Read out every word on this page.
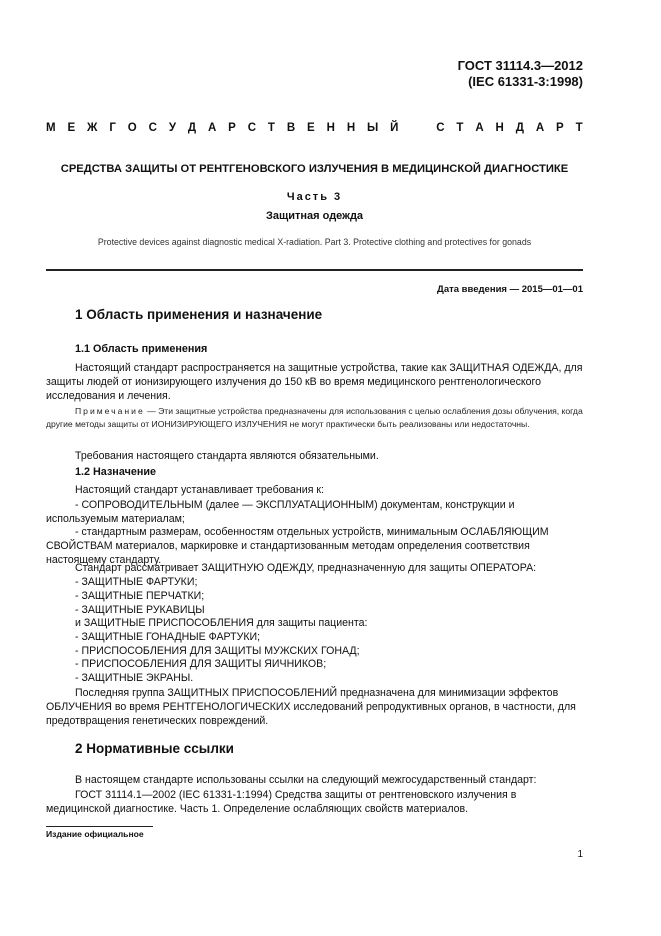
ГОСТ 31114.3—2012
(IEC 61331-3:1998)
М Е Ж Г О С У Д А Р С Т В Е Н Н Ы Й	С Т А Н Д А Р Т
СРЕДСТВА ЗАЩИТЫ ОТ РЕНТГЕНОВСКОГО ИЗЛУЧЕНИЯ В МЕДИЦИНСКОЙ ДИАГНОСТИКЕ
Часть 3
Защитная одежда
Protective devices against diagnostic medical X-radiation. Part 3. Protective clothing and protectives for gonads
Дата введения — 2015—01—01
1 Область применения и назначение
1.1 Область применения
Настоящий стандарт распространяется на защитные устройства, такие как ЗАЩИТНАЯ ОДЕЖДА, для защиты людей от ионизирующего излучения до 150 кВ во время медицинского рентгенологического исследования и лечения.
Примечание — Эти защитные устройства предназначены для использования с целью ослабления дозы облучения, когда другие методы защиты от ИОНИЗИРУЮЩЕГО ИЗЛУЧЕНИЯ не могут практически быть реализованы или недостаточны.
Требования настоящего стандарта являются обязательными.
1.2 Назначение
Настоящий стандарт устанавливает требования к:
- СОПРОВОДИТЕЛЬНЫМ (далее — ЭКСПЛУАТАЦИОННЫМ) документам, конструкции и используемым материалам;
- стандартным размерам, особенностям отдельных устройств, минимальным ОСЛАБЛЯЮЩИМ СВОЙСТВАМ материалов, маркировке и стандартизованным методам определения соответствия настоящему стандарту.
Стандарт рассматривает ЗАЩИТНУЮ ОДЕЖДУ, предназначенную для защиты ОПЕРАТОРА:
- ЗАЩИТНЫЕ ФАРТУКИ;
- ЗАЩИТНЫЕ ПЕРЧАТКИ;
- ЗАЩИТНЫЕ РУКАВИЦЫ
и ЗАЩИТНЫЕ ПРИСПОСОБЛЕНИЯ для защиты пациента:
- ЗАЩИТНЫЕ ГОНАДНЫЕ ФАРТУКИ;
- ПРИСПОСОБЛЕНИЯ ДЛЯ ЗАЩИТЫ МУЖСКИХ ГОНАД;
- ПРИСПОСОБЛЕНИЯ ДЛЯ ЗАЩИТЫ ЯИЧНИКОВ;
- ЗАЩИТНЫЕ ЭКРАНЫ.
Последняя группа ЗАЩИТНЫХ ПРИСПОСОБЛЕНИЙ предназначена для минимизации эффектов ОБЛУЧЕНИЯ во время РЕНТГЕНОЛОГИЧЕСКИХ исследований репродуктивных органов, в частности, для предотвращения генетических повреждений.
2 Нормативные ссылки
В настоящем стандарте использованы ссылки на следующий межгосударственный стандарт:
ГОСТ 31114.1—2002 (IEC 61331-1:1994) Средства защиты от рентгеновского излучения в медицинской диагностике. Часть 1. Определение ослабляющих свойств материалов.
Издание официальное
1
